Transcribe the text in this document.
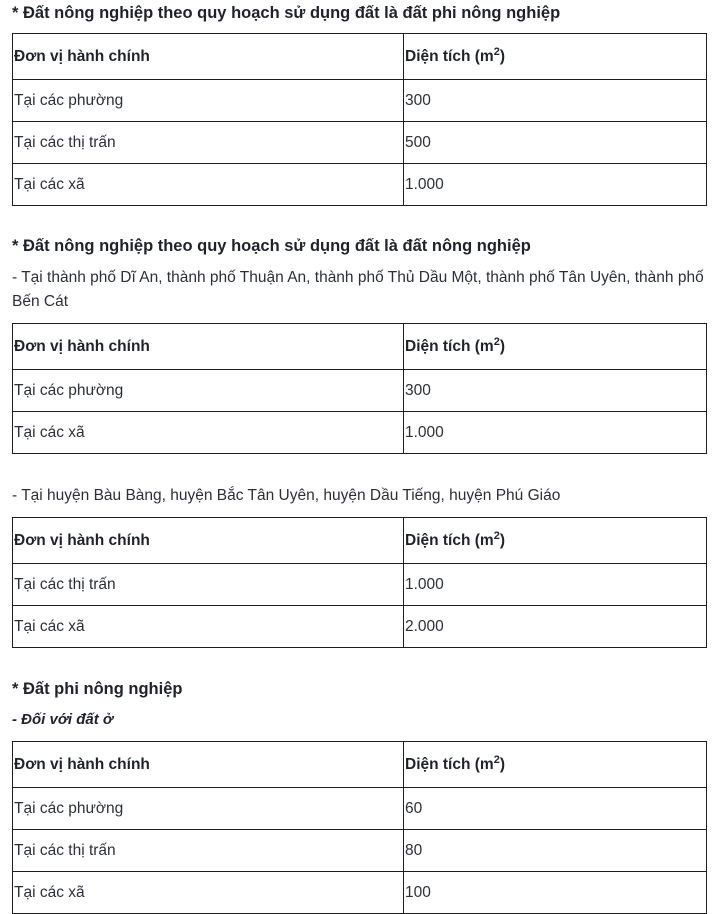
* Đất nông nghiệp theo quy hoạch sử dụng đất là đất phi nông nghiệp
Đơn vị hành chính	Diện tích $(m^2)$
Tại các phường	300
Tại các thị trấn	500
Tại các xã	1.000
* Đất nông nghiệp theo quy hoạch sử dụng đất là đất nông nghiệp
- Tại thành phố Dĩ An, thành phố Thuận An, thành phố Thủ Dầu Một, thành phố Tân Uyên, thành phố Bến Cát
Đơn vị hành chính	Diện tích $(m^2)$
Tại các phường	300
Tại các xã	1.000
- Tại huyện Bàu Bàng, huyện Bắc Tân Uyên, huyện Dầu Tiếng, huyện Phú Giáo
Đơn vị hành chính	Diện tích $(m^2)$
Tại các thị trấn	1.000
Tại các xã	2.000
* Đất phi nông nghiệp
- Đối với đất ở
Đơn vị hành chính	Diện tích $(m^2)$
Tại các phường	60
Tại các thị trấn	80
Tại các xã	100
